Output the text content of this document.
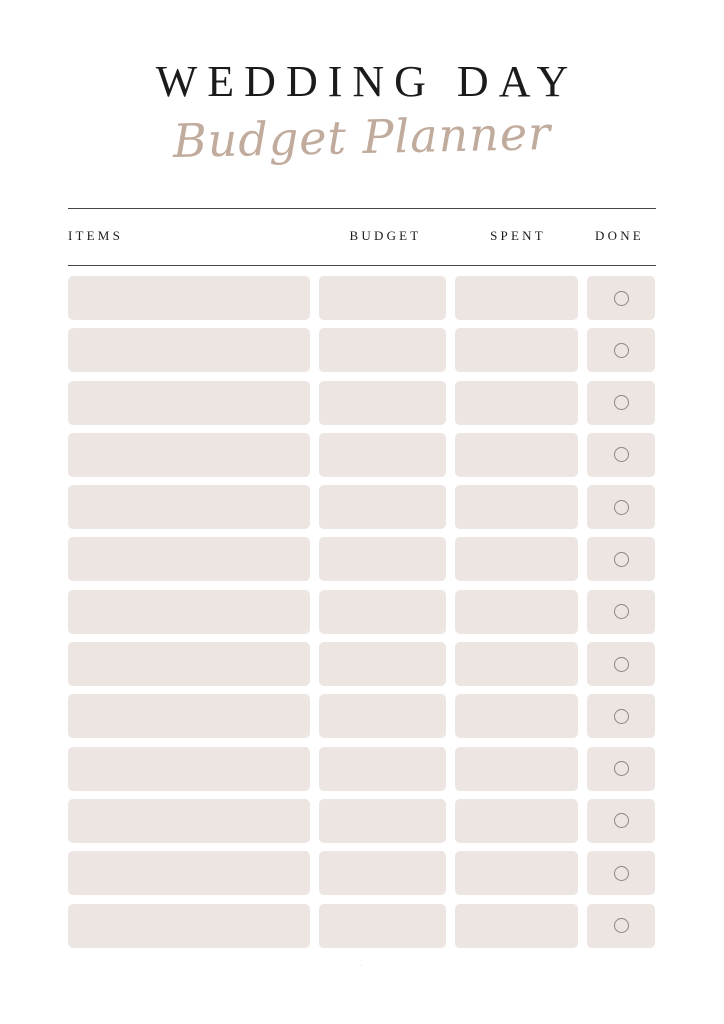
WEDDING DAY
Budget Planner
ITEMS	BUDGET	SPENT	DONE
·
